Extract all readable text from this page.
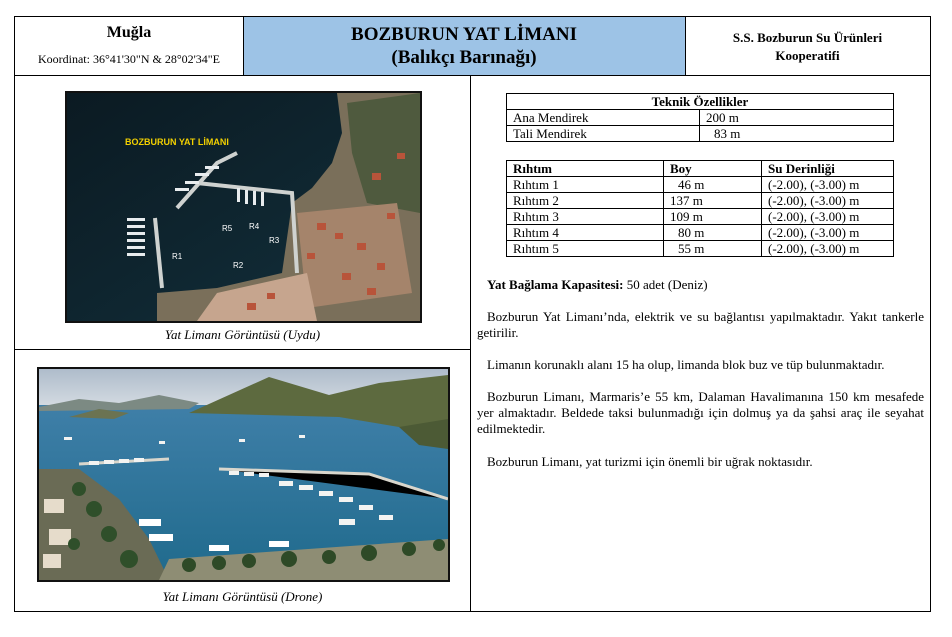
Muğla
Koordinat: 36°41'30"N & 28°02'34"E
BOZBURUN YAT LİMANI
(Balıkçı Barınağı)
S.S. Bozburun Su Ürünleri
Kooperatifi
BOZBURUN YAT LİMANI
R1
R2
R3
R4
R5
Yat Limanı Görüntüsü (Uydu)
Yat Limanı Görüntüsü (Drone)
Teknik Özellikler	
Ana Mendirek	200 m
Tali Mendirek	83 m
Rıhtım	Boy	Su Derinliği
Rıhtım 1	46 m	(-2.00), (-3.00) m
Rıhtım 2	137 m	(-2.00), (-3.00) m
Rıhtım 3	109 m	(-2.00), (-3.00) m
Rıhtım 4	80 m	(-2.00), (-3.00) m
Rıhtım 5	55 m	(-2.00), (-3.00) m
Yat Bağlama Kapasitesi: 50 adet (Deniz)
Bozburun Yat Limanı’nda, elektrik ve su bağlantısı yapılmaktadır. Yakıt tankerle getirilir.
Limanın korunaklı alanı 15 ha olup, limanda blok buz ve tüp bulunmaktadır.
Bozburun Limanı, Marmaris’e 55 km, Dalaman Havalimanına 150 km mesafede yer almaktadır. Beldede taksi bulunmadığı için dolmuş ya da şahsi araç ile seyahat edilmektedir.
Bozburun Limanı, yat turizmi için önemli bir uğrak noktasıdır.
